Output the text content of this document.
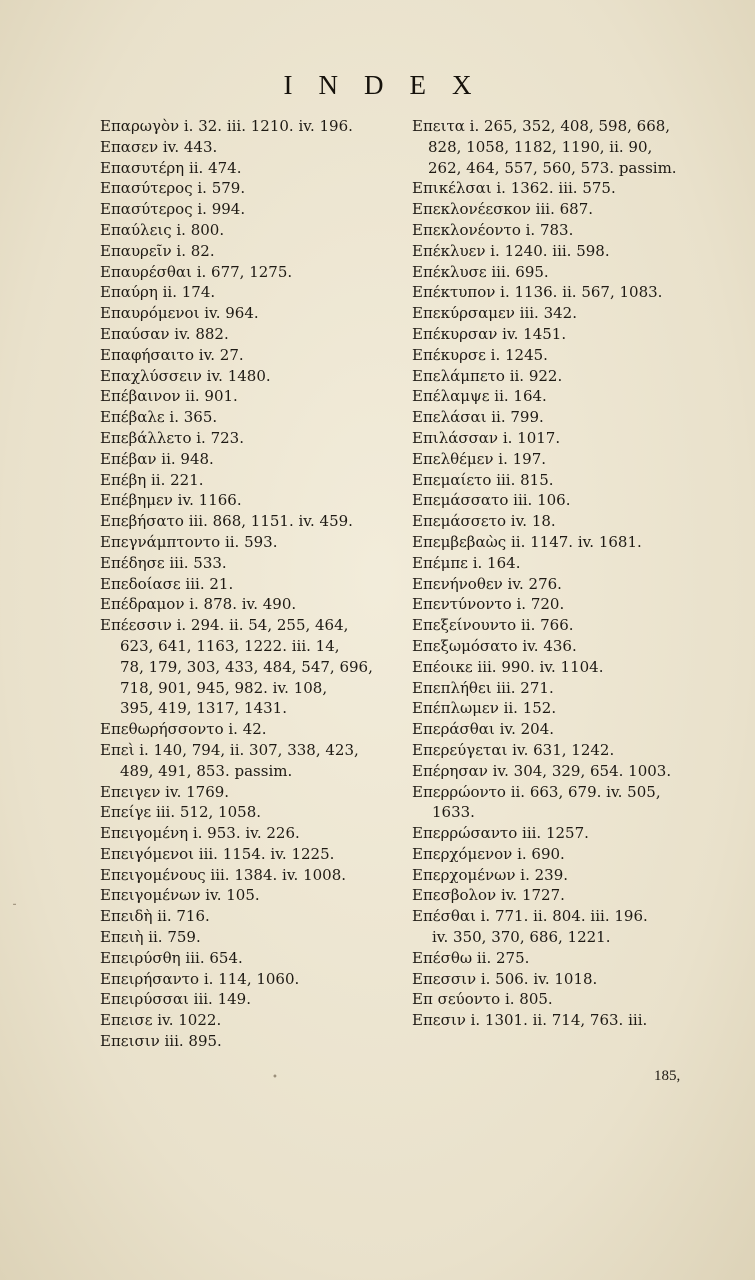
INDEX
Επαρωγὸν i. 32. iii. 1210. iv. 196.
Επασεν iv. 443.
Επασυτέρη ii. 474.
Επασύτερος i. 579.
Επασύτερος i. 994.
Επαύλεις i. 800.
Επαυρεῖν i. 82.
Επαυρέσθαι i. 677, 1275.
Επαύρη ii. 174.
Επαυρόμενοι iv. 964.
Επαύσαν iv. 882.
Επαφήσαιτο iv. 27.
Επαχλύσσειν iv. 1480.
Επέβαινον ii. 901.
Επέβαλε i. 365.
Επεβάλλετο i. 723.
Επέβαν ii. 948.
Επέβη ii. 221.
Επέβημεν iv. 1166.
Επεβήσατο iii. 868, 1151. iv. 459.
Επεγνάμπτοντο ii. 593.
Επέδησε iii. 533.
Επεδοίασε iii. 21.
Επέδραμον i. 878. iv. 490.
Επέεσσιν i. 294. ii. 54, 255, 464,
623, 641, 1163, 1222. iii. 14,
78, 179, 303, 433, 484, 547, 696,
718, 901, 945, 982. iv. 108,
395, 419, 1317, 1431.
Επεθωρήσσοντο i. 42.
Επεὶ i. 140, 794, ii. 307, 338, 423,
489, 491, 853. passim.
Επειγεν iv. 1769.
Επείγε iii. 512, 1058.
Επειγομένη i. 953. iv. 226.
Επειγόμενοι iii. 1154. iv. 1225.
Επειγομένους iii. 1384. iv. 1008.
Επειγομένων iv. 105.
Επειδὴ ii. 716.
Επειὴ ii. 759.
Επειρύσθη iii. 654.
Επειρήσαντο i. 114, 1060.
Επειρύσσαι iii. 149.
Επεισε iv. 1022.
Επεισιν iii. 895.
Επειτα i. 265, 352, 408, 598, 668,
828, 1058, 1182, 1190, ii. 90,
262, 464, 557, 560, 573. passim.
Επικέλσαι i. 1362. iii. 575.
Επεκλονέεσκον iii. 687.
Επεκλονέοντο i. 783.
Επέκλυεν i. 1240. iii. 598.
Επέκλυσε iii. 695.
Επέκτυπον i. 1136. ii. 567, 1083.
Επεκύρσαμεν iii. 342.
Επέκυρσαν iv. 1451.
Επέκυρσε i. 1245.
Επελάμπετο ii. 922.
Επέλαμψε ii. 164.
Επελάσαι ii. 799.
Επιλάσσαν i. 1017.
Επελθέμεν i. 197.
Επεμαίετο iii. 815.
Επεμάσσατο iii. 106.
Επεμάσσετο iv. 18.
Επεμβεβαὼς ii. 1147. iv. 1681.
Επέμπε i. 164.
Επενήνοθεν iv. 276.
Επεντύνοντο i. 720.
Επεξείνουντο ii. 766.
Επεξωμόσατο iv. 436.
Επέοικε iii. 990. iv. 1104.
Επεπλήθει iii. 271.
Επέπλωμεν ii. 152.
Επεράσθαι iv. 204.
Επερεύγεται iv. 631, 1242.
Επέρησαν iv. 304, 329, 654. 1003.
Επερρώοντο ii. 663, 679. iv. 505,
1633.
Επερρώσαντο iii. 1257.
Επερχόμενον i. 690.
Επερχομένων i. 239.
Επεσβολον iv. 1727.
Επέσθαι i. 771. ii. 804. iii. 196.
iv. 350, 370, 686, 1221.
Επέσθω ii. 275.
Επεσσιν i. 506. iv. 1018.
Επ σεύοντο i. 805.
Επεσιν i. 1301. ii. 714, 763. iii.
185,
⁃
•
